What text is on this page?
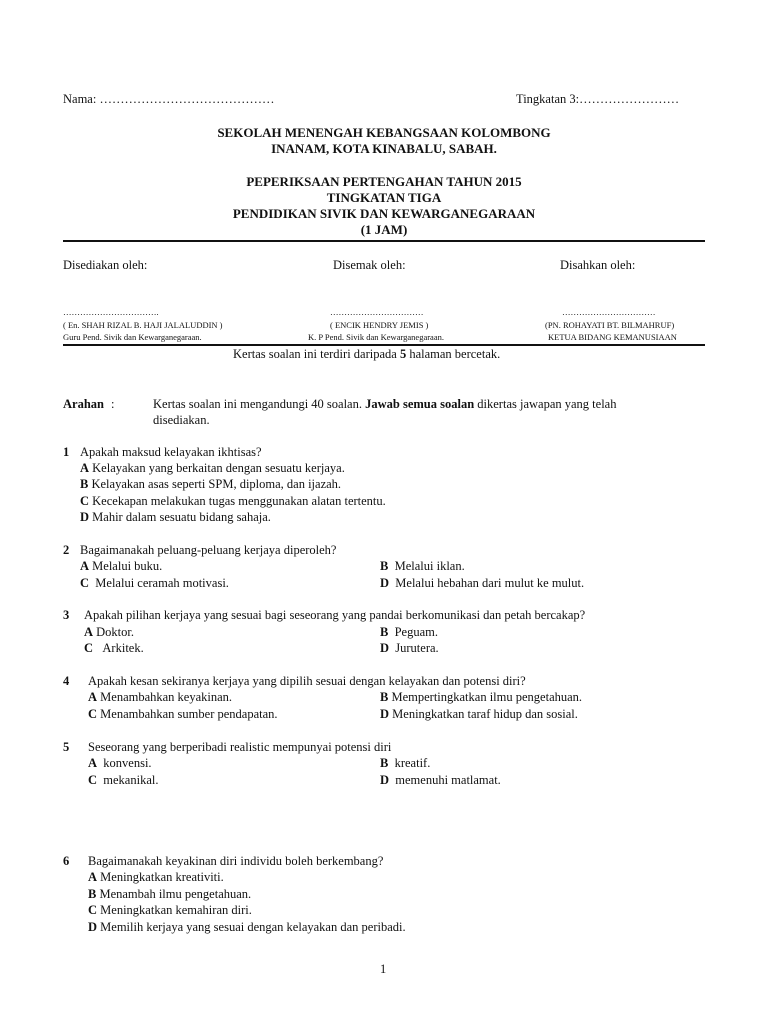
Nama: ……………………………………	Tingkatan 3:……………………
SEKOLAH MENENGAH KEBANGSAAN KOLOMBONG
INANAM, KOTA KINABALU, SABAH.
PEPERIKSAAN PERTENGAHAN TAHUN 2015
TINGKATAN TIGA
PENDIDIKAN SIVIK DAN KEWARGANEGARAAN
(1 JAM)
Disediakan oleh:	Disemak oleh:	Disahkan oleh:
…………………………….	……………………………	……………………………
( En. SHAH RIZAL B. HAJI JALALUDDIN )	( ENCIK HENDRY JEMIS )	(PN. ROHAYATI BT. BILMAHRUF)
Guru Pend. Sivik dan Kewarganegaraan.	K. P Pend. Sivik dan Kewarganegaraan.	KETUA BIDANG KEMANUSIAAN
Kertas soalan ini terdiri daripada 5 halaman bercetak.
Arahan :	Kertas soalan ini mengandungi 40 soalan. Jawab semua soalan dikertas jawapan yang telah
disediakan.
1 Apakah maksud kelayakan ikhtisas?
A Kelayakan yang berkaitan dengan sesuatu kerjaya.
B Kelayakan asas seperti SPM, diploma, dan ijazah.
C Kecekapan melakukan tugas menggunakan alatan tertentu.
D Mahir dalam sesuatu bidang sahaja.
2 Bagaimanakah peluang-peluang kerjaya diperoleh?
A Melalui buku.	B Melalui iklan.
C Melalui ceramah motivasi.	D Melalui hebahan dari mulut ke mulut.
3 Apakah pilihan kerjaya yang sesuai bagi seseorang yang pandai berkomunikasi dan petah bercakap?
A Doktor.	B Peguam.
C Arkitek.	D Jurutera.
4 Apakah kesan sekiranya kerjaya yang dipilih sesuai dengan kelayakan dan potensi diri?
A Menambahkan keyakinan.	B Mempertingkatkan ilmu pengetahuan.
C Menambahkan sumber pendapatan.	D Meningkatkan taraf hidup dan sosial.
5 Seseorang yang berperibadi realistic mempunyai potensi diri
A konvensi.	B kreatif.
C mekanikal.	D memenuhi matlamat.
6 Bagaimanakah keyakinan diri individu boleh berkembang?
A Meningkatkan kreativiti.
B Menambah ilmu pengetahuan.
C Meningkatkan kemahiran diri.
D Memilih kerjaya yang sesuai dengan kelayakan dan peribadi.
1
